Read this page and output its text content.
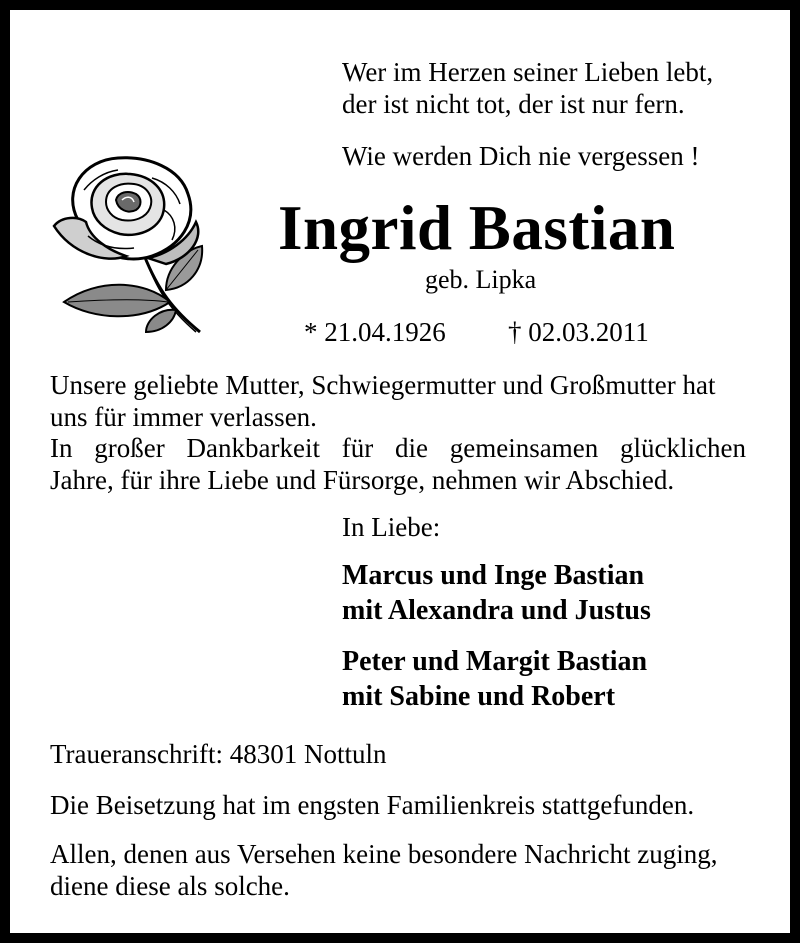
Wer im Herzen seiner Lieben lebt,

der ist nicht tot, der ist nur fern.

Wie werden Dich nie vergessen !

Ingrid Bastian

geb. Lipka

* 21.04.1926 † 02.03.2011

Unsere geliebte Mutter, Schwiegermutter und Großmutter hat

uns für immer verlassen.

In großer Dankbarkeit für die gemeinsamen glücklichen

Jahre, für ihre Liebe und Fürsorge, nehmen wir Abschied.

In Liebe:

Marcus und Inge Bastian
mit Alexandra und Justus
Peter und Margit Bastian
mit Sabine und Robert

Traueranschrift: 48301 Nottuln

Die Beisetzung hat im engsten Familienkreis stattgefunden.

Allen, denen aus Versehen keine besondere Nachricht zuging,

diene diese als solche.
